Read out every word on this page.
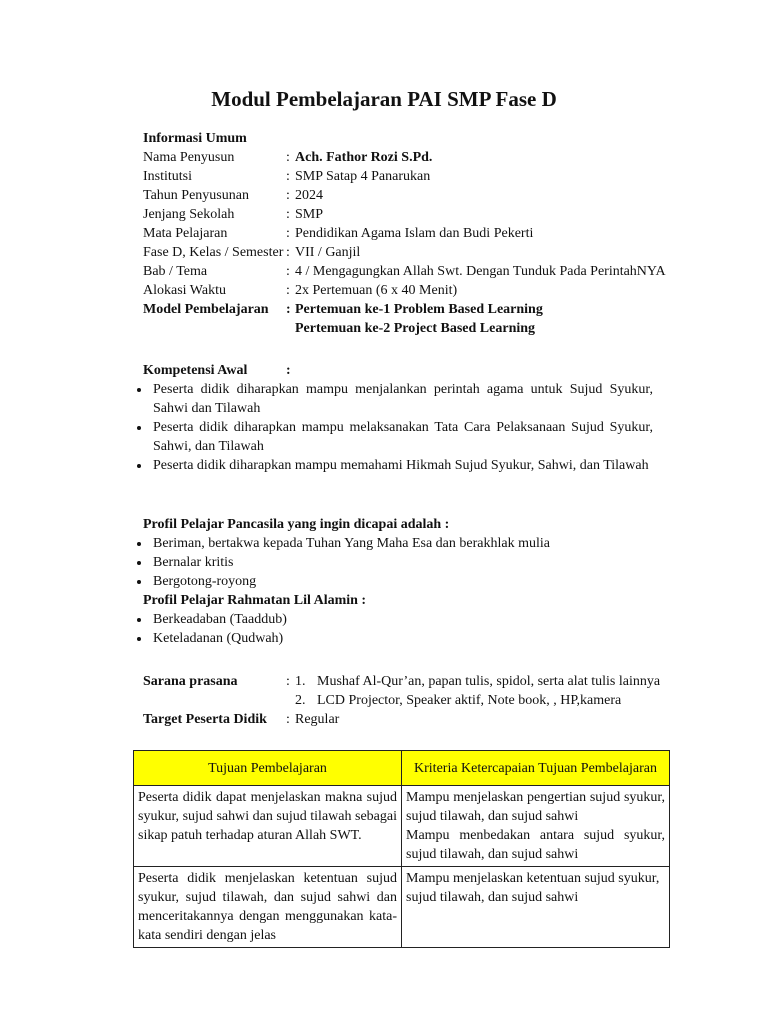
Modul Pembelajaran PAI SMP Fase D
Informasi Umum
Nama Penyusun	: Ach. Fathor Rozi S.Pd.
Institutsi	: SMP Satap 4 Panarukan
Tahun Penyusunan	: 2024
Jenjang Sekolah	: SMP
Mata Pelajaran	: Pendidikan Agama Islam dan Budi Pekerti
Fase D, Kelas / Semester : VII / Ganjil
Bab / Tema	: 4 / Mengagungkan Allah Swt. Dengan Tunduk Pada PerintahNYA
Alokasi Waktu	: 2x Pertemuan (6 x 40 Menit)
Model Pembelajaran	: Pertemuan ke-1 Problem Based Learning
Pertemuan ke-2 Project Based Learning
Kompetensi Awal	:
Peserta didik diharapkan mampu menjalankan perintah agama untuk Sujud Syukur, Sahwi dan Tilawah
Peserta didik diharapkan mampu melaksanakan Tata Cara Pelaksanaan Sujud Syukur, Sahwi, dan Tilawah
Peserta didik diharapkan mampu memahami Hikmah Sujud Syukur, Sahwi, dan Tilawah
Profil Pelajar Pancasila yang ingin dicapai adalah :
Beriman, bertakwa kepada Tuhan Yang Maha Esa dan berakhlak mulia
Bernalar kritis
Bergotong-royong
Profil Pelajar Rahmatan Lil Alamin :
Berkeadaban (Taaddub)
Keteladanan (Qudwah)
Sarana prasana	: 1. Mushaf Al-Qur’an, papan tulis, spidol, serta alat tulis lainnya
2. LCD Projector, Speaker aktif, Note book, , HP,kamera
Target Peserta Didik	: Regular
Tujuan Pembelajaran	Kriteria Ketercapaian Tujuan Pembelajaran
Peserta didik dapat menjelaskan makna sujud syukur, sujud sahwi dan sujud tilawah sebagai sikap patuh terhadap aturan Allah SWT.	Mampu menjelaskan pengertian sujud syukur, sujud tilawah, dan sujud sahwi

Mampu menbedakan antara sujud syukur, sujud tilawah, dan sujud sahwi

Peserta didik menjelaskan ketentuan sujud syukur, sujud tilawah, dan sujud sahwi dan menceritakannya dengan menggunakan kata-kata sendiri dengan jelas	Mampu menjelaskan ketentuan sujud syukur, sujud tilawah, dan sujud sahwi
